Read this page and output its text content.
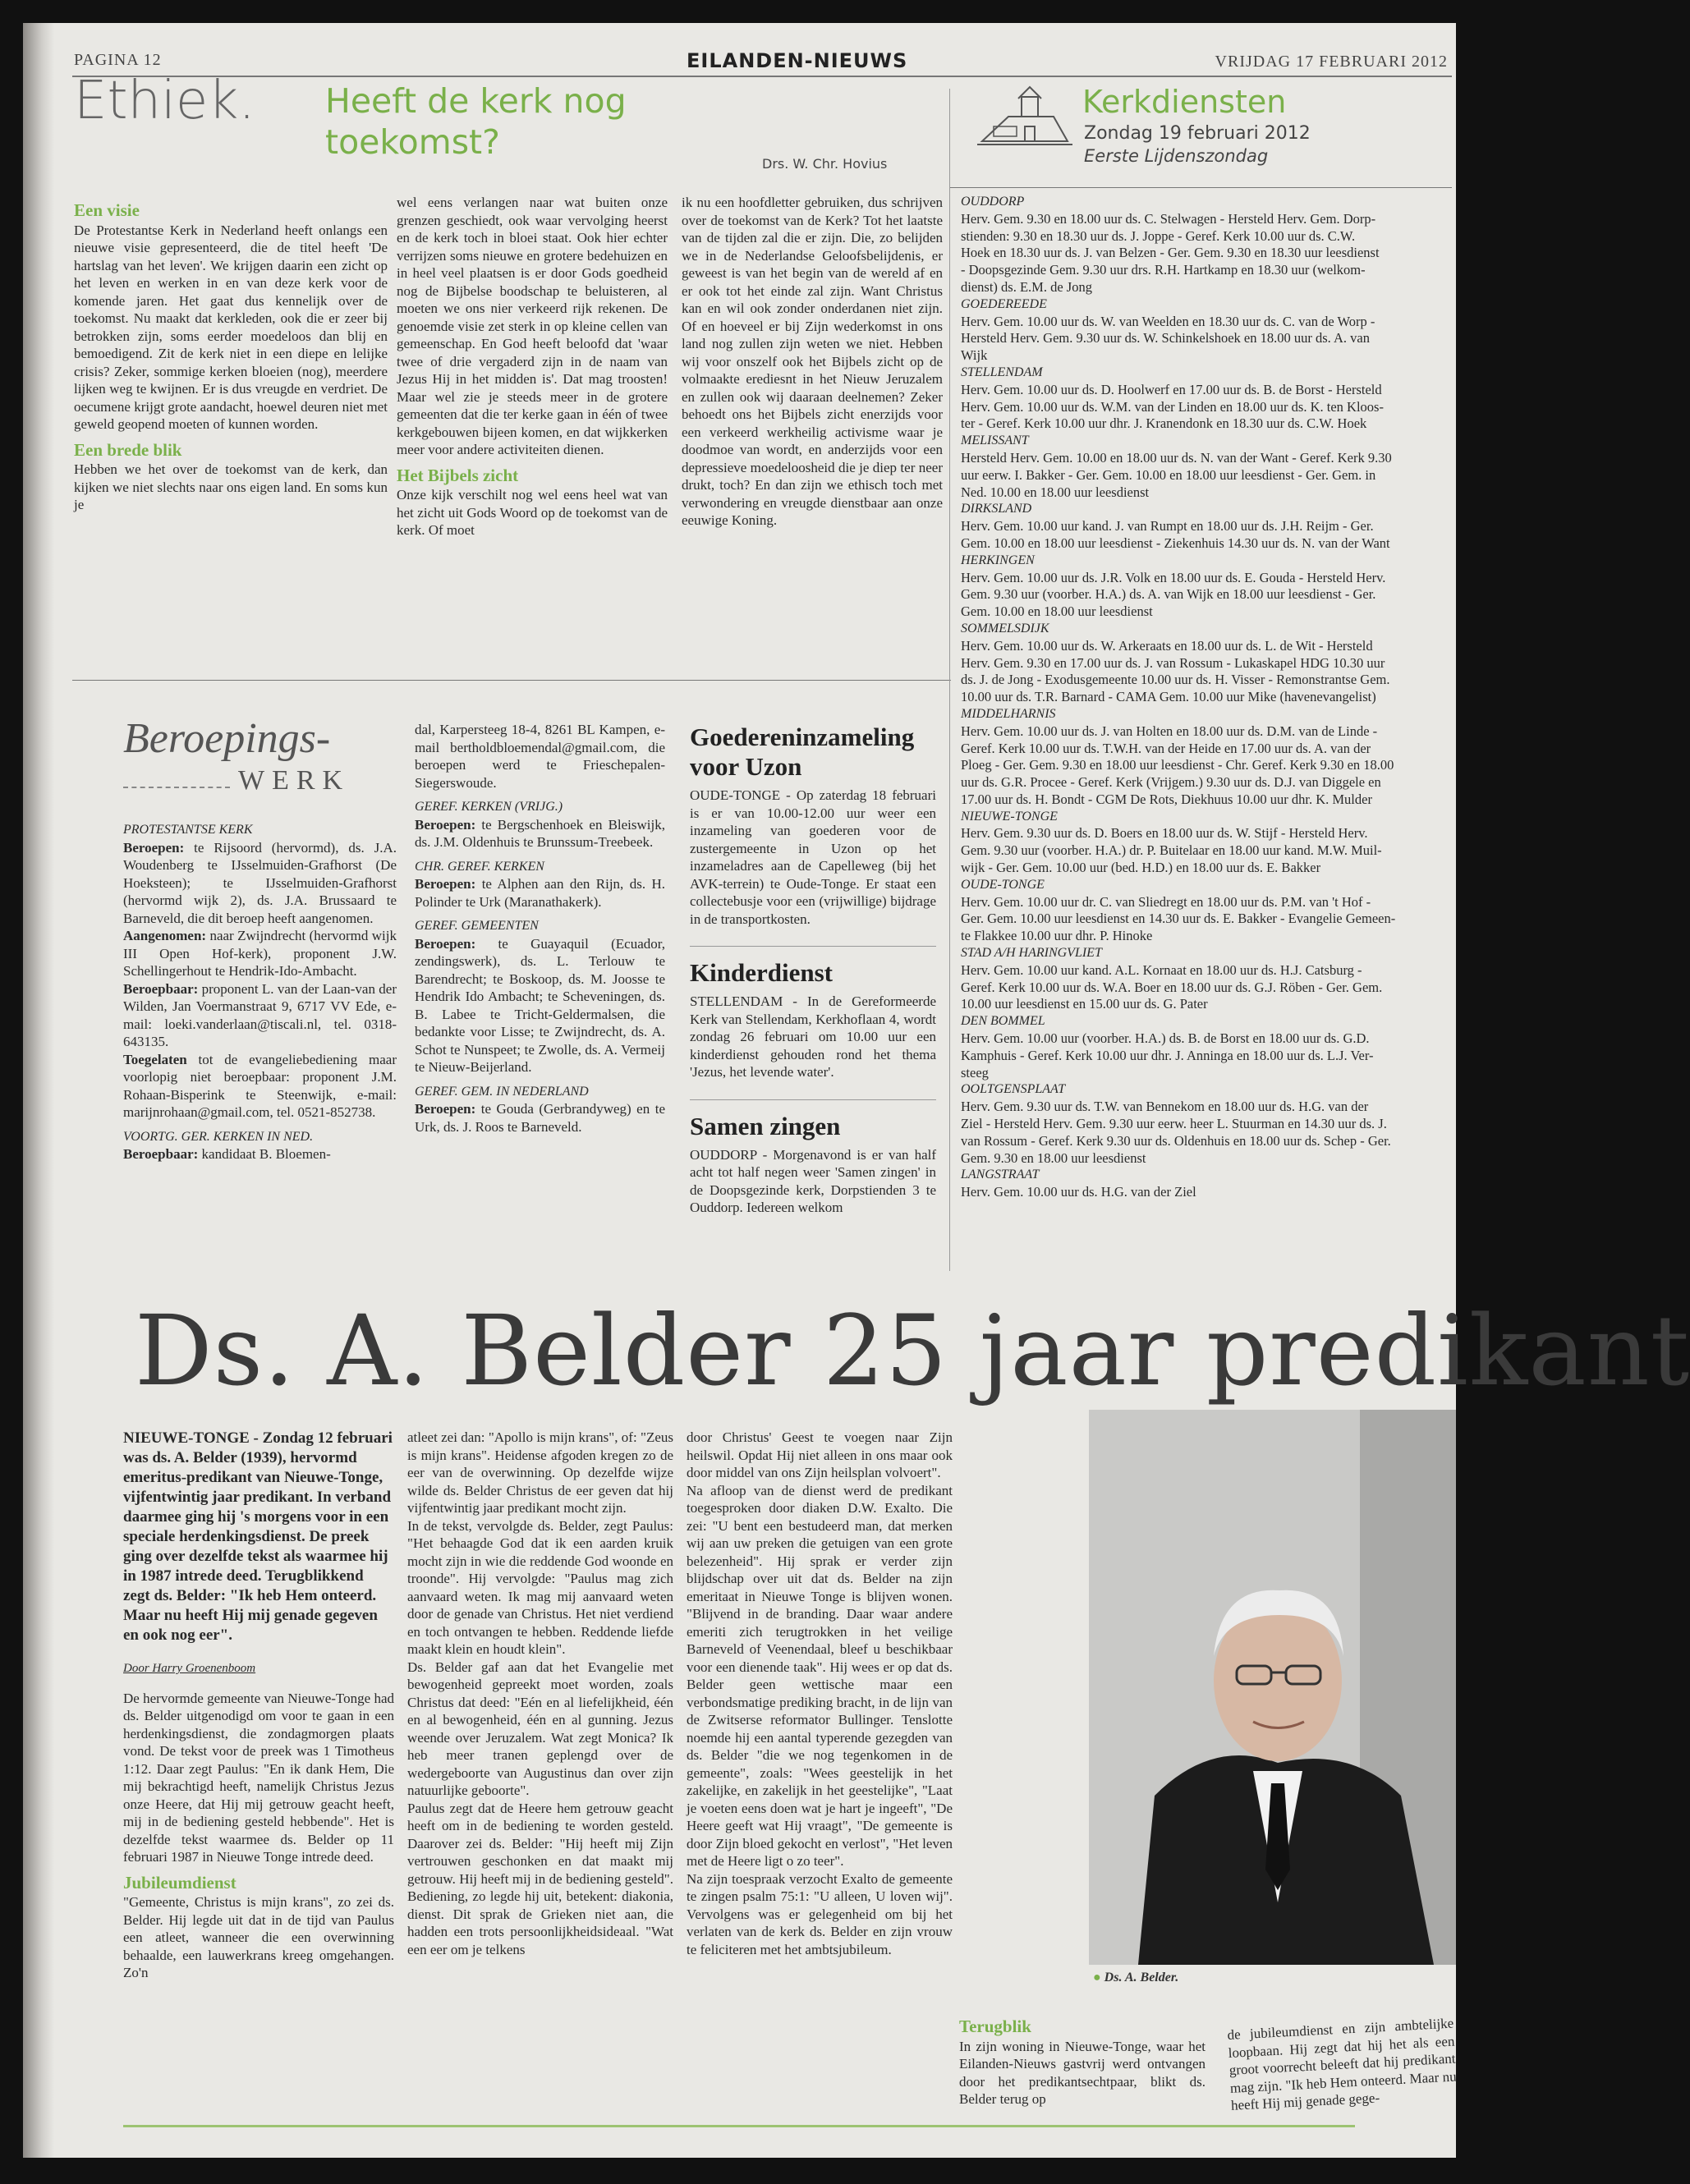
PAGINA 12	EILANDEN-NIEUWS	VRIJDAG 17 FEBRUARI 2012
Ethiek. Heeft de kerk nog toekomst?
Drs. W. Chr. Hovius
Een visie

De Protestantse Kerk in Nederland heeft onlangs een nieuwe visie gepresenteerd, die de titel heeft 'De hartslag van het leven'. We krijgen daarin een zicht op het leven en werken in en van deze kerk voor de komende jaren. Het gaat dus kennelijk over de toekomst. Nu maakt dat kerkleden, ook die er zeer bij betrokken zijn, soms eerder moedeloos dan blij en bemoedigend. Zit de kerk niet in een diepe en lelijke crisis? Zeker, sommige kerken bloeien (nog), meerdere lijken weg te kwijnen. Er is dus vreugde en verdriet. De oecumene krijgt grote aandacht, hoewel deuren niet met geweld geopend moeten of kunnen worden.

Een brede blik

Hebben we het over de toekomst van de kerk, dan kijken we niet slechts naar ons eigen land. En soms kun je

wel eens verlangen naar wat buiten onze grenzen geschiedt, ook waar vervolging heerst en de kerk toch in bloei staat. Ook hier echter verrijzen soms nieuwe en grotere bedehuizen en in heel veel plaatsen is er door Gods goedheid nog de Bijbelse boodschap te beluisteren, al moeten we ons nier verkeerd rijk rekenen. De genoemde visie zet sterk in op kleine cellen van gemeenschap. En God heeft beloofd dat 'waar twee of drie vergaderd zijn in de naam van Jezus Hij in het midden is'. Dat mag troosten! Maar wel zie je steeds meer in de grotere gemeenten dat die ter kerke gaan in één of twee kerkgebouwen bijeen komen, en dat wijkkerken meer voor andere activiteiten dienen.

Het Bijbels zicht

Onze kijk verschilt nog wel eens heel wat van het zicht uit Gods Woord op de toekomst van de kerk. Of moet

ik nu een hoofdletter gebruiken, dus schrijven over de toekomst van de Kerk? Tot het laatste van de tijden zal die er zijn. Die, zo belijden we in de Nederlandse Geloofsbelijdenis, er geweest is van het begin van de wereld af en er ook tot het einde zal zijn. Want Christus kan en wil ook zonder onderdanen niet zijn. Of en hoeveel er bij Zijn wederkomst in ons land nog zullen zijn weten we niet. Hebben wij voor onszelf ook het Bijbels zicht op de volmaakte erediesnt in het Nieuw Jeruzalem en zullen ook wij daaraan deelnemen? Zeker behoedt ons het Bijbels zicht enerzijds voor een verkeerd werkheilig activisme waar je doodmoe van wordt, en anderzijds voor een depressieve moedeloosheid die je diep ter neer drukt, toch? En dan zijn we ethisch toch met verwondering en vreugde dienstbaar aan onze eeuwige Koning.

Kerkdiensten
Zondag 19 februari 2012
Eerste Lijdenszondag
OUDDORP
Herv. Gem. 9.30 en 18.00 uur ds. C. Stelwagen - Hersteld Herv. Gem. Dorp-
stienden: 9.30 en 18.30 uur ds. J. Joppe - Geref. Kerk 10.00 uur ds. C.W.
Hoek en 18.30 uur ds. J. van Belzen - Ger. Gem. 9.30 en 18.30 uur leesdienst
- Doopsgezinde Gem. 9.30 uur drs. R.H. Hartkamp en 18.30 uur (welkom-
dienst) ds. E.M. de Jong
GOEDEREEDE
Herv. Gem. 10.00 uur ds. W. van Weelden en 18.30 uur ds. C. van de Worp -
Hersteld Herv. Gem. 9.30 uur ds. W. Schinkelshoek en 18.00 uur ds. A. van
Wijk
STELLENDAM
Herv. Gem. 10.00 uur ds. D. Hoolwerf en 17.00 uur ds. B. de Borst - Hersteld
Herv. Gem. 10.00 uur ds. W.M. van der Linden en 18.00 uur ds. K. ten Kloos-
ter - Geref. Kerk 10.00 uur dhr. J. Kranendonk en 18.30 uur ds. C.W. Hoek
MELISSANT
Hersteld Herv. Gem. 10.00 en 18.00 uur ds. N. van der Want - Geref. Kerk 9.30
uur eerw. I. Bakker - Ger. Gem. 10.00 en 18.00 uur leesdienst - Ger. Gem. in
Ned. 10.00 en 18.00 uur leesdienst
DIRKSLAND
Herv. Gem. 10.00 uur kand. J. van Rumpt en 18.00 uur ds. J.H. Reijm - Ger.
Gem. 10.00 en 18.00 uur leesdienst - Ziekenhuis 14.30 uur ds. N. van der Want
HERKINGEN
Herv. Gem. 10.00 uur ds. J.R. Volk en 18.00 uur ds. E. Gouda - Hersteld Herv.
Gem. 9.30 uur (voorber. H.A.) ds. A. van Wijk en 18.00 uur leesdienst - Ger.
Gem. 10.00 en 18.00 uur leesdienst
SOMMELSDIJK
Herv. Gem. 10.00 uur ds. W. Arkeraats en 18.00 uur ds. L. de Wit - Hersteld
Herv. Gem. 9.30 en 17.00 uur ds. J. van Rossum - Lukaskapel HDG 10.30 uur
ds. J. de Jong - Exodusgemeente 10.00 uur ds. H. Visser - Remonstrantse Gem.
10.00 uur ds. T.R. Barnard - CAMA Gem. 10.00 uur Mike (havenevangelist)
MIDDELHARNIS
Herv. Gem. 10.00 uur ds. J. van Holten en 18.00 uur ds. D.M. van de Linde -
Geref. Kerk 10.00 uur ds. T.W.H. van der Heide en 17.00 uur ds. A. van der
Ploeg - Ger. Gem. 9.30 en 18.00 uur leesdienst - Chr. Geref. Kerk 9.30 en 18.00
uur ds. G.R. Procee - Geref. Kerk (Vrijgem.) 9.30 uur ds. D.J. van Diggele en
17.00 uur ds. H. Bondt - CGM De Rots, Diekhuus 10.00 uur dhr. K. Mulder
NIEUWE-TONGE
Herv. Gem. 9.30 uur ds. D. Boers en 18.00 uur ds. W. Stijf - Hersteld Herv.
Gem. 9.30 uur (voorber. H.A.) dr. P. Buitelaar en 18.00 uur kand. M.W. Muil-
wijk - Ger. Gem. 10.00 uur (bed. H.D.) en 18.00 uur ds. E. Bakker
OUDE-TONGE
Herv. Gem. 10.00 uur dr. C. van Sliedregt en 18.00 uur ds. P.M. van 't Hof -
Ger. Gem. 10.00 uur leesdienst en 14.30 uur ds. E. Bakker - Evangelie Gemeen-
te Flakkee 10.00 uur dhr. P. Hinoke
STAD A/H HARINGVLIET
Herv. Gem. 10.00 uur kand. A.L. Kornaat en 18.00 uur ds. H.J. Catsburg -
Geref. Kerk 10.00 uur ds. W.A. Boer en 18.00 uur ds. G.J. Röben - Ger. Gem.
10.00 uur leesdienst en 15.00 uur ds. G. Pater
DEN BOMMEL
Herv. Gem. 10.00 uur (voorber. H.A.) ds. B. de Borst en 18.00 uur ds. G.D.
Kamphuis - Geref. Kerk 10.00 uur dhr. J. Anninga en 18.00 uur ds. L.J. Ver-
steeg
OOLTGENSPLAAT
Herv. Gem. 9.30 uur ds. T.W. van Bennekom en 18.00 uur ds. H.G. van der
Ziel - Hersteld Herv. Gem. 9.30 uur eerw. heer L. Stuurman en 14.30 uur ds. J.
van Rossum - Geref. Kerk 9.30 uur ds. Oldenhuis en 18.00 uur ds. Schep - Ger.
Gem. 9.30 en 18.00 uur leesdienst
LANGSTRAAT
Herv. Gem. 10.00 uur ds. H.G. van der Ziel
Beroepings-
WERK
PROTESTANTSE KERK

Beroepen: te Rijsoord (hervormd), ds. J.A. Woudenberg te IJsselmuiden-Grafhorst (De Hoeksteen); te IJsselmuiden-Grafhorst (hervormd wijk 2), ds. J.A. Brussaard te Barneveld, die dit beroep heeft aangenomen.

Aangenomen: naar Zwijndrecht (hervormd wijk III Open Hof-kerk), proponent J.W. Schellingerhout te Hendrik-Ido-Ambacht.

Beroepbaar: proponent L. van der Laan-van der Wilden, Jan Voermanstraat 9, 6717 VV Ede, e-mail: loeki.vanderlaan@tiscali.nl, tel. 0318-643135.

Toegelaten tot de evangeliebediening maar voorlopig niet beroepbaar: proponent J.M. Rohaan-Bisperink te Steenwijk, e-mail: marijnrohaan@gmail.com, tel. 0521-852738.

VOORTG. GER. KERKEN IN NED.

Beroepbaar: kandidaat B. Bloemen-

dal, Karpersteeg 18-4, 8261 BL Kampen, e-mail bertholdbloemendal@gmail.com, die beroepen werd te Frieschepalen-Siegerswoude.

GEREF. KERKEN (VRIJG.)

Beroepen: te Bergschenhoek en Bleiswijk, ds. J.M. Oldenhuis te Brunssum-Treebeek.

CHR. GEREF. KERKEN

Beroepen: te Alphen aan den Rijn, ds. H. Polinder te Urk (Maranathakerk).

GEREF. GEMEENTEN

Beroepen: te Guayaquil (Ecuador, zendingswerk), ds. L. Terlouw te Barendrecht; te Boskoop, ds. M. Joosse te Hendrik Ido Ambacht; te Scheveningen, ds. B. Labee te Tricht-Geldermalsen, die bedankte voor Lisse; te Zwijndrecht, ds. A. Schot te Nunspeet; te Zwolle, ds. A. Vermeij te Nieuw-Beijerland.

GEREF. GEM. IN NEDERLAND

Beroepen: te Gouda (Gerbrandyweg) en te Urk, ds. J. Roos te Barneveld.

Goedereninzameling voor Uzon
OUDE-TONGE - Op zaterdag 18 februari is er van 10.00-12.00 uur weer een inzameling van goederen voor de zustergemeente in Uzon op het inzameladres aan de Capelleweg (bij het AVK-terrein) te Oude-Tonge. Er staat een collectebusje voor een (vrijwillige) bijdrage in de transportkosten.
Kinderdienst
STELLENDAM - In de Gereformeerde Kerk van Stellendam, Kerkhoflaan 4, wordt zondag 26 februari om 10.00 uur een kinderdienst gehouden rond het thema 'Jezus, het levende water'.
Samen zingen
OUDDORP - Morgenavond is er van half acht tot half negen weer 'Samen zingen' in de Doopsgezinde kerk, Dorpstienden 3 te Ouddorp. Iedereen welkom
Ds. A. Belder 25 jaar predikant

NIEUWE-TONGE - Zondag 12 februari was ds. A. Belder (1939), hervormd emeritus-predikant van Nieuwe-Tonge, vijfentwintig jaar predikant. In verband daarmee ging hij 's morgens voor in een speciale herdenkingsdienst. De preek ging over dezelfde tekst als waarmee hij in 1987 intrede deed. Terugblikkend zegt ds. Belder: "Ik heb Hem onteerd. Maar nu heeft Hij mij genade gegeven en ook nog eer".

Door Harry Groenenboom

De hervormde gemeente van Nieuwe-Tonge had ds. Belder uitgenodigd om voor te gaan in een herdenkingsdienst, die zondagmorgen plaats vond. De tekst voor de preek was 1 Timotheus 1:12. Daar zegt Paulus: "En ik dank Hem, Die mij bekrachtigd heeft, namelijk Christus Jezus onze Heere, dat Hij mij getrouw geacht heeft, mij in de bediening gesteld hebbende". Het is dezelfde tekst waarmee ds. Belder op 11 februari 1987 in Nieuwe Tonge intrede deed.

Jubileumdienst

"Gemeente, Christus is mijn krans", zo zei ds. Belder. Hij legde uit dat in de tijd van Paulus een atleet, wanneer die een overwinning behaalde, een lauwerkrans kreeg omgehangen. Zo'n

atleet zei dan: "Apollo is mijn krans", of: "Zeus is mijn krans". Heidense afgoden kregen zo de eer van de overwinning. Op dezelfde wijze wilde ds. Belder Christus de eer geven dat hij vijfentwintig jaar predikant mocht zijn.
In de tekst, vervolgde ds. Belder, zegt Paulus: "Het behaagde God dat ik een aarden kruik mocht zijn in wie die reddende God woonde en troonde". Hij vervolgde: "Paulus mag zich aanvaard weten. Ik mag mij aanvaard weten door de genade van Christus. Het niet verdiend en toch ontvangen te hebben. Reddende liefde maakt klein en houdt klein".
Ds. Belder gaf aan dat het Evangelie met bewogenheid gepreekt moet worden, zoals Christus dat deed: "Eén en al liefelijkheid, één en al bewogenheid, één en al gunning. Jezus weende over Jeruzalem. Wat zegt Monica? Ik heb meer tranen geplengd over de wedergeboorte van Augustinus dan over zijn natuurlijke geboorte".
Paulus zegt dat de Heere hem getrouw geacht heeft om in de bediening te worden gesteld. Daarover zei ds. Belder: "Hij heeft mij Zijn vertrouwen geschonken en dat maakt mij getrouw. Hij heeft mij in de bediening gesteld". Bediening, zo legde hij uit, betekent: diakonia, dienst. Dit sprak de Grieken niet aan, die hadden een trots persoonlijkheidsideaal. "Wat een eer om je telkens

door Christus' Geest te voegen naar Zijn heilswil. Opdat Hij niet alleen in ons maar ook door middel van ons Zijn heilsplan volvoert".
Na afloop van de dienst werd de predikant toegesproken door diaken D.W. Exalto. Die zei: "U bent een bestudeerd man, dat merken wij aan uw preken die getuigen van een grote belezenheid". Hij sprak er verder zijn blijdschap over uit dat ds. Belder na zijn emeritaat in Nieuwe Tonge is blijven wonen. "Blijvend in de branding. Daar waar andere emeriti zich terugtrokken in het veilige Barneveld of Veenendaal, bleef u beschikbaar voor een dienende taak". Hij wees er op dat ds. Belder geen wettische maar een verbondsmatige prediking bracht, in de lijn van de Zwitserse reformator Bullinger. Tenslotte noemde hij een aantal typerende gezegden van ds. Belder "die we nog tegenkomen in de gemeente", zoals: "Wees geestelijk in het zakelijke, en zakelijk in het geestelijke", "Laat je voeten eens doen wat je hart je ingeeft", "De Heere geeft wat Hij vraagt", "De gemeente is door Zijn bloed gekocht en verlost", "Het leven met de Heere ligt o zo teer".
Na zijn toespraak verzocht Exalto de gemeente te zingen psalm 75:1: "U alleen, U loven wij". Vervolgens was er gelegenheid om bij het verlaten van de kerk ds. Belder en zijn vrouw te feliciteren met het ambtsjubileum.

● Ds. A. Belder.
Terugblik

In zijn woning in Nieuwe-Tonge, waar het Eilanden-Nieuws gastvrij werd ontvangen door het predikantsechtpaar, blikt ds. Belder terug op

de jubileumdienst en zijn ambtelijke loopbaan. Hij zegt dat hij het als een groot voorrecht beleeft dat hij predikant mag zijn. "Ik heb Hem onteerd. Maar nu heeft Hij mij genade gege-
